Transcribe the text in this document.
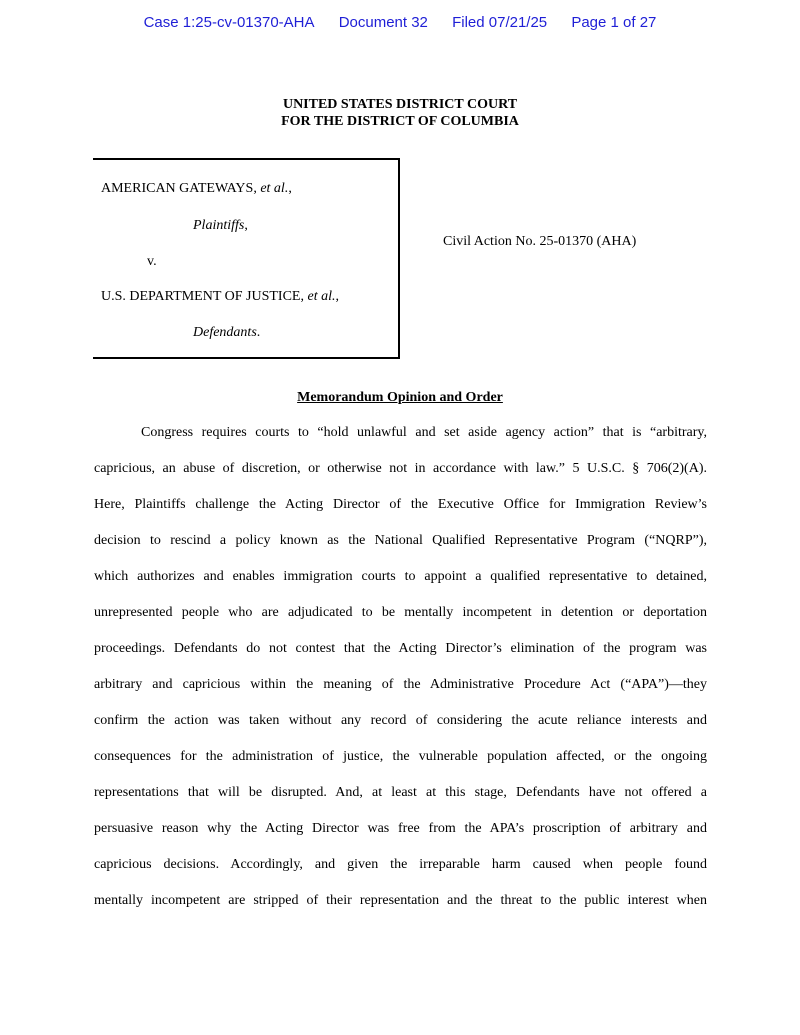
Case 1:25-cv-01370-AHA Document 32 Filed 07/21/25 Page 1 of 27
UNITED STATES DISTRICT COURT
FOR THE DISTRICT OF COLUMBIA
AMERICAN GATEWAYS, et al.,
Plaintiffs,
v.
U.S. DEPARTMENT OF JUSTICE, et al.,
Defendants.
Civil Action No. 25-01370 (AHA)
Memorandum Opinion and Order
Congress requires courts to “hold unlawful and set aside agency action” that is “arbitrary,
capricious, an abuse of discretion, or otherwise not in accordance with law.” 5 U.S.C. § 706(2)(A).
Here, Plaintiffs challenge the Acting Director of the Executive Office for Immigration Review’s
decision to rescind a policy known as the National Qualified Representative Program (“NQRP”),
which authorizes and enables immigration courts to appoint a qualified representative to detained,
unrepresented people who are adjudicated to be mentally incompetent in detention or deportation
proceedings. Defendants do not contest that the Acting Director’s elimination of the program was
arbitrary and capricious within the meaning of the Administrative Procedure Act (“APA”)—they
confirm the action was taken without any record of considering the acute reliance interests and
consequences for the administration of justice, the vulnerable population affected, or the ongoing
representations that will be disrupted. And, at least at this stage, Defendants have not offered a
persuasive reason why the Acting Director was free from the APA’s proscription of arbitrary and
capricious decisions. Accordingly, and given the irreparable harm caused when people found
mentally incompetent are stripped of their representation and the threat to the public interest when
